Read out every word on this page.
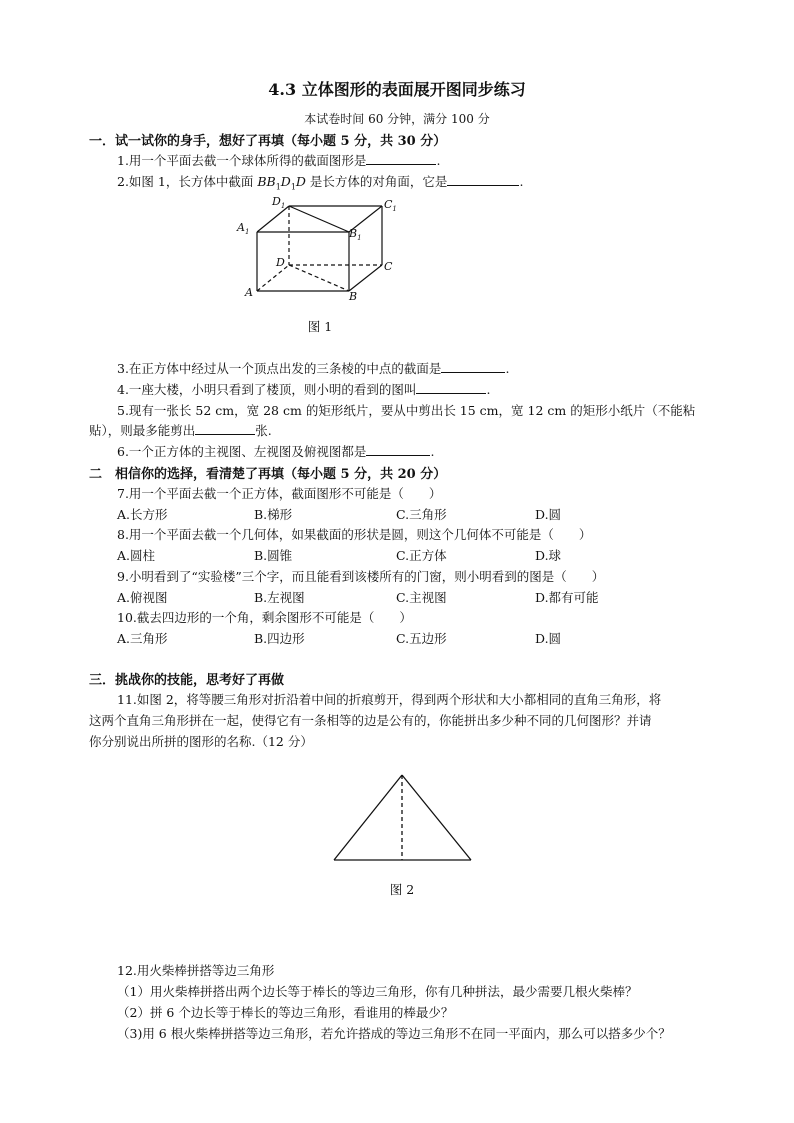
4.3 立体图形的表面展开图同步练习
本试卷时间 60 分钟，满分 100 分
一．试一试你的身手，想好了再填（每小题 5 分，共 30 分）
1.用一个平面去截一个球体所得的截面图形是	.
2.如图 1，长方体中截面 $BB_1D_1D$ 是长方体的对角面，它是	.
$D_1$	$C_1$
$A_1$	$B_1$
D	C
A	B
图 1
3.在正方体中经过从一个顶点出发的三条棱的中点的截面是	.
4.一座大楼，小明只看到了楼顶，则小明的看到的图叫	.
5.现有一张长 52 cm，宽 28 cm 的矩形纸片，要从中剪出长 15 cm，宽 12 cm 的矩形小纸片（不能粘
贴），则最多能剪出	张.
6.一个正方体的主视图、左视图及俯视图都是	.
二　相信你的选择，看清楚了再填（每小题 5 分，共 20 分）
7.用一个平面去截一个正方体，截面图形不可能是（　　）
A.长方形	B.梯形	C.三角形	D.圆
8.用一个平面去截一个几何体，如果截面的形状是圆，则这个几何体不可能是（　　）
A.圆柱	B.圆锥	C.正方体	D.球
9.小明看到了“实验楼”三个字，而且能看到该楼所有的门窗，则小明看到的图是（　　）
A.俯视图	B.左视图	C.主视图	D.都有可能
10.截去四边形的一个角，剩余图形不可能是（　　）
A.三角形	B.四边形	C.五边形	D.圆
三．挑战你的技能，思考好了再做
11.如图 2，将等腰三角形对折沿着中间的折痕剪开，得到两个形状和大小都相同的直角三角形，将
这两个直角三角形拼在一起，使得它有一条相等的边是公有的，你能拼出多少种不同的几何图形？并请
你分别说出所拼的图形的名称.（12 分）
图 2
12.用火柴棒拼搭等边三角形
（1）用火柴棒拼搭出两个边长等于棒长的等边三角形，你有几种拼法，最少需要几根火柴棒？
（2）拼 6 个边长等于棒长的等边三角形，看谁用的棒最少？
（3)用 6 根火柴棒拼搭等边三角形，若允许搭成的等边三角形不在同一平面内，那么可以搭多少个？
